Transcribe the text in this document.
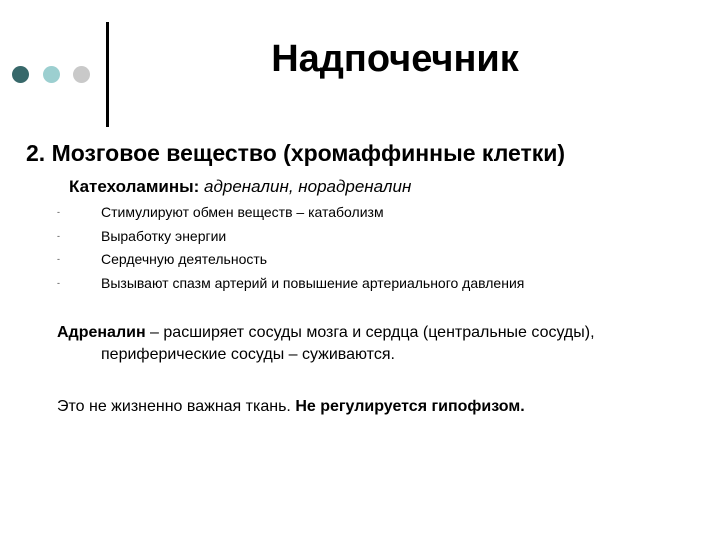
Надпочечник
2. Мозговое вещество (хромаффинные клетки)
Катехоламины: адреналин, норадреналин
-	Стимулируют обмен веществ – катаболизм
-	Выработку энергии
-	Сердечную деятельность
-	Вызывают спазм артерий и повышение артериального давления
Адреналин – расширяет сосуды мозга и сердца (центральные сосуды),
периферические сосуды – суживаются.
Это не жизненно важная ткань. Не регулируется гипофизом.
